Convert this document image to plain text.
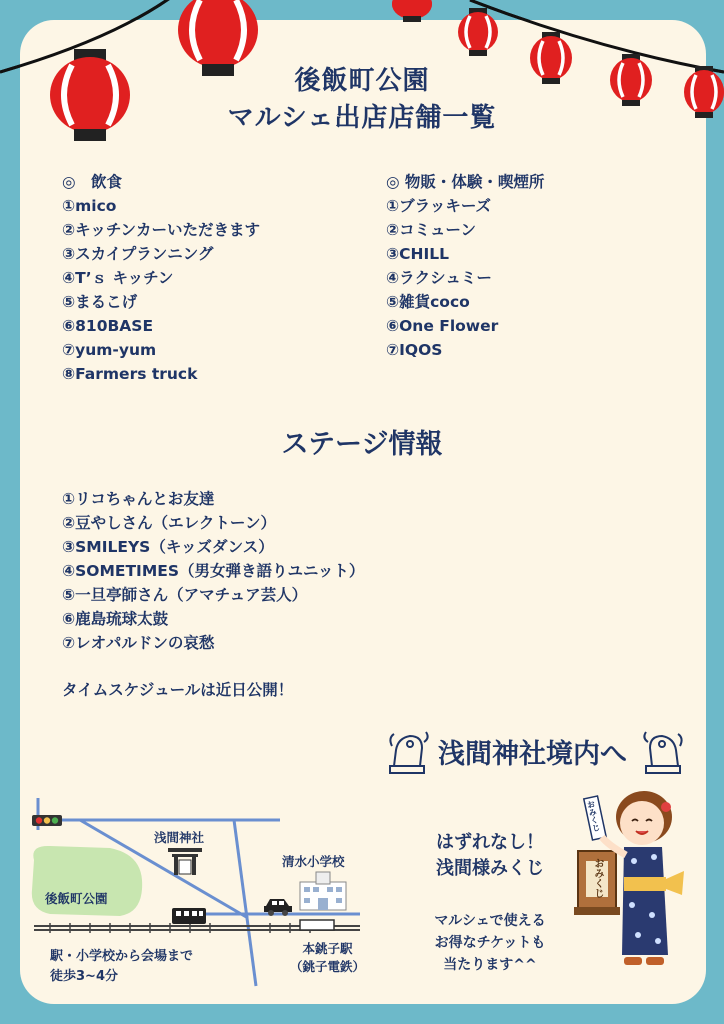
後飯町公園
マルシェ出店店舗一覧
◎　飲食
①mico
②キッチンカーいただきます
③スカイプランニング
④T’ｓ キッチン
⑤まるこげ
⑥810BASE
⑦yum-yum
⑧Farmers truck
◎ 物販・体験・喫煙所
①ブラッキーズ
②コミューン
③CHILL
④ラクシュミー
⑤雑貨coco
⑥One Flower
⑦IQOS
ステージ情報
①リコちゃんとお友達
②豆やしさん（エレクトーン）
③SMILEYS（キッズダンス）
④SOMETIMES（男女弾き語りユニット）
⑤一旦亭師さん（アマチュア芸人）
⑥鹿島琉球太鼓
⑦レオパルドンの哀愁
タイムスケジュールは近日公開！
浅間神社境内へ
はずれなし！
浅間様みくじ
マルシェで使える
お得なチケットも
当たります^^
おみくじ
おみくじ
浅間神社
清水小学校
後飯町公園
本銚子駅
（銚子電鉄）
駅・小学校から会場まで
徒歩3~4分
